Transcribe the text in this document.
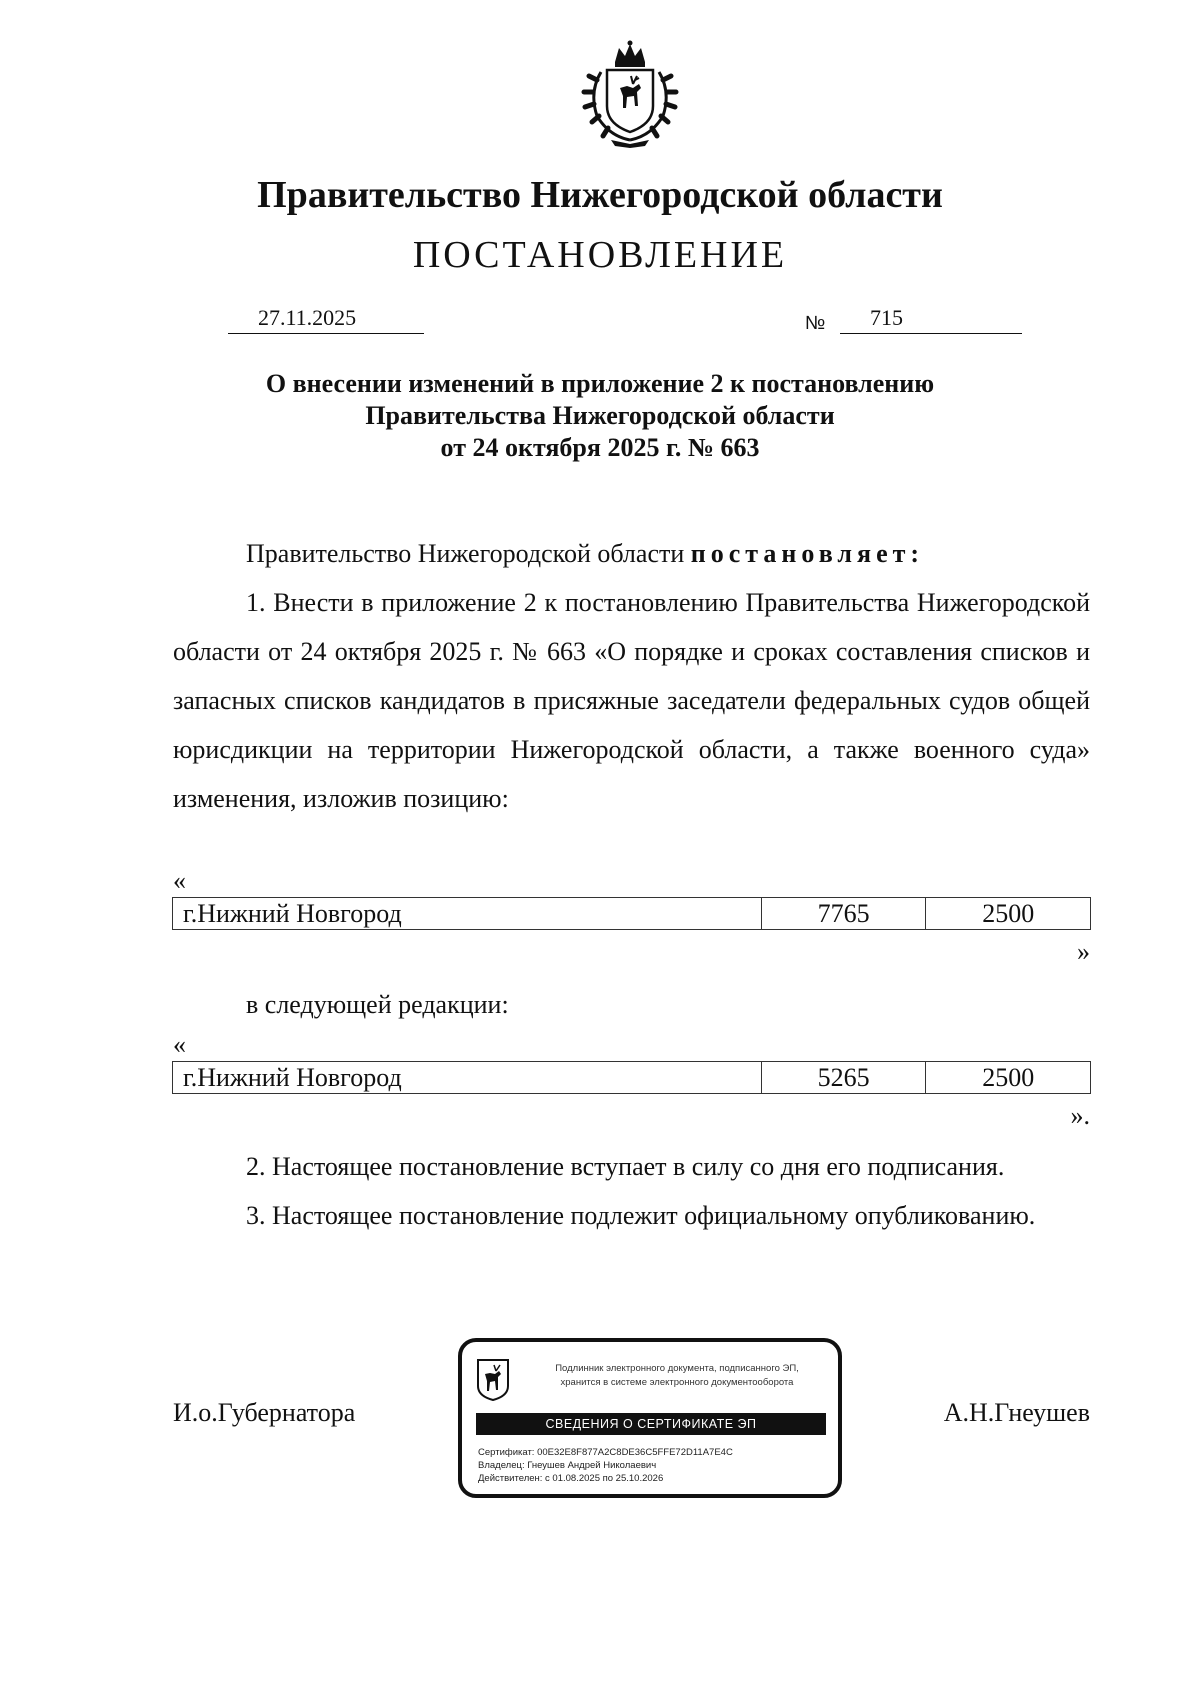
Правительство Нижегородской области
ПОСТАНОВЛЕНИЕ
27.11.2025	№ 715
О внесении изменений в приложение 2 к постановлению
Правительства Нижегородской области
от 24 октября 2025 г. № 663
Правительство Нижегородской области постановляет:
1. Внести в приложение 2 к постановлению Правительства Нижегородской области от 24 октября 2025 г. № 663 «О порядке и сроках составления списков и запасных списков кандидатов в присяжные заседатели федеральных судов общей юрисдикции на территории Нижегородской области, а также военного суда» изменения, изложив позицию:
«
г.Нижний Новгород	7765	2500
»
в следующей редакции:
«
г.Нижний Новгород	5265	2500
».
2. Настоящее постановление вступает в силу со дня его подписания.
3. Настоящее постановление подлежит официальному опубликованию.
И.о.Губернатора	А.Н.Гнеушев
Подлинник электронного документа, подписанного ЭП,
хранится в системе электронного документооборота
СВЕДЕНИЯ О СЕРТИФИКАТЕ ЭП
Сертификат: 00E32E8F877A2C8DE36C5FFE72D11A7E4C
Владелец: Гнеушев Андрей Николаевич
Действителен: с 01.08.2025 по 25.10.2026
